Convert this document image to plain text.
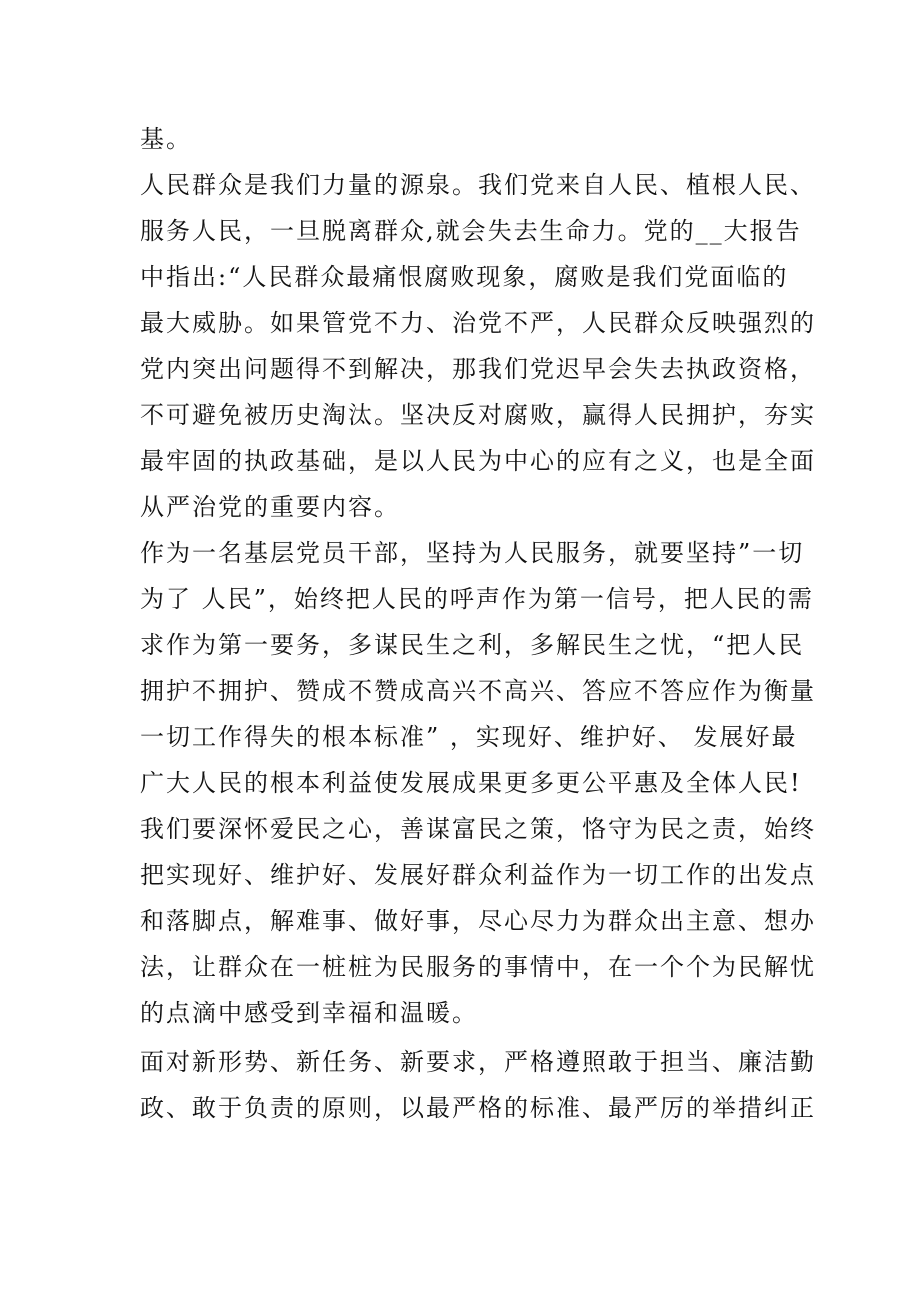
基。
人民群众是我们力量的源泉。我们党来自人民、植根人民、
服务人民，一旦脱离群众,就会失去生命力。党的__大报告
中指出:“人民群众最痛恨腐败现象，腐败是我们党面临的
最大威胁。如果管党不力、治党不严，人民群众反映强烈的
党内突出问题得不到解决，那我们党迟早会失去执政资格，
不可避免被历史淘汰。坚决反对腐败，赢得人民拥护，夯实
最牢固的执政基础，是以人民为中心的应有之义，也是全面
从严治党的重要内容。
作为一名基层党员干部，坚持为人民服务，就要坚持”一切
为了 人民”，始终把人民的呼声作为第一信号，把人民的需
求作为第一要务，多谋民生之利，多解民生之忧，“把人民
拥护不拥护、赞成不赞成高兴不高兴、答应不答应作为衡量
一切工作得失的根本标准” ，实现好、维护好、 发展好最
广大人民的根本利益使发展成果更多更公平惠及全体人民!
我们要深怀爱民之心，善谋富民之策，恪守为民之责，始终
把实现好、维护好、发展好群众利益作为一切工作的出发点
和落脚点，解难事、做好事，尽心尽力为群众出主意、想办
法，让群众在一桩桩为民服务的事情中，在一个个为民解忧
的点滴中感受到幸福和温暖。
面对新形势、新任务、新要求，严格遵照敢于担当、廉洁勤
政、敢于负责的原则，以最严格的标准、最严厉的举措纠正
